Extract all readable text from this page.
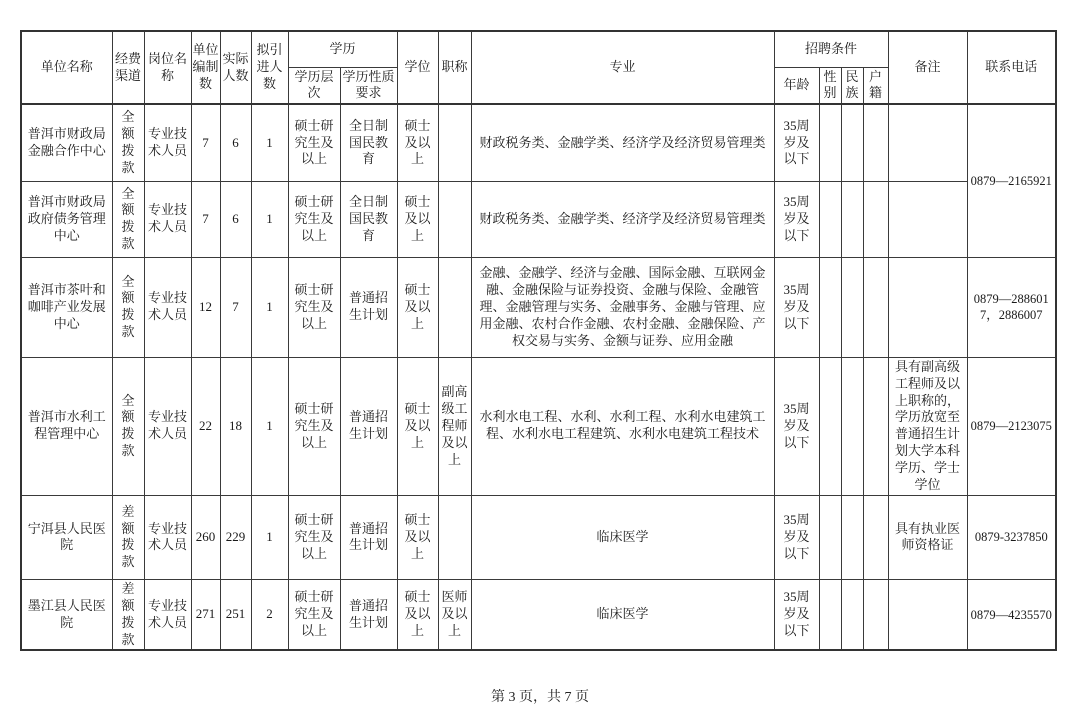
单位名称	经费渠道	岗位名称	单位编制数	实际人数	拟引进人数	学历		学位	职称	专业	招聘条件				备注	联系电话
						学历层次	学历性质要求				年龄	性别	民族	户籍		
普洱市财政局金融合作中心	全额拨款	专业技术人员	7	6	1	硕士研究生及以上	全日制国民教育	硕士及以上		财政税务类、金融学类、经济学及经济贸易管理类	35周岁及以下					0879—2165921
普洱市财政局政府债务管理中心	全额拨款	专业技术人员	7	6	1	硕士研究生及以上	全日制国民教育	硕士及以上		财政税务类、金融学类、经济学及经济贸易管理类	35周岁及以下					
普洱市茶叶和咖啡产业发展中心	全额拨款	专业技术人员	12	7	1	硕士研究生及以上	普通招生计划	硕士及以上		金融、金融学、经济与金融、国际金融、互联网金融、金融保险与证券投资、金融与保险、金融管理、金融管理与实务、金融事务、金融与管理、应用金融、农村合作金融、农村金融、金融保险、产权交易与实务、金额与证券、应用金融	35周岁及以下					0879—2886017，2886007
普洱市水利工程管理中心	全额拨款	专业技术人员	22	18	1	硕士研究生及以上	普通招生计划	硕士及以上	副高级工程师及以上	水利水电工程、水利、水利工程、水利水电建筑工程、水利水电工程建筑、水利水电建筑工程技术	35周岁及以下				具有副高级工程师及以上职称的，学历放宽至普通招生计划大学本科学历、学士学位	0879—2123075
宁洱县人民医院	差额拨款	专业技术人员	260	229	1	硕士研究生及以上	普通招生计划	硕士及以上		临床医学	35周岁及以下				具有执业医师资格证	0879-3237850
墨江县人民医院	差额拨款	专业技术人员	271	251	2	硕士研究生及以上	普通招生计划	硕士及以上	医师及以上	临床医学	35周岁及以下					0879—4235570
第 3 页，共 7 页
